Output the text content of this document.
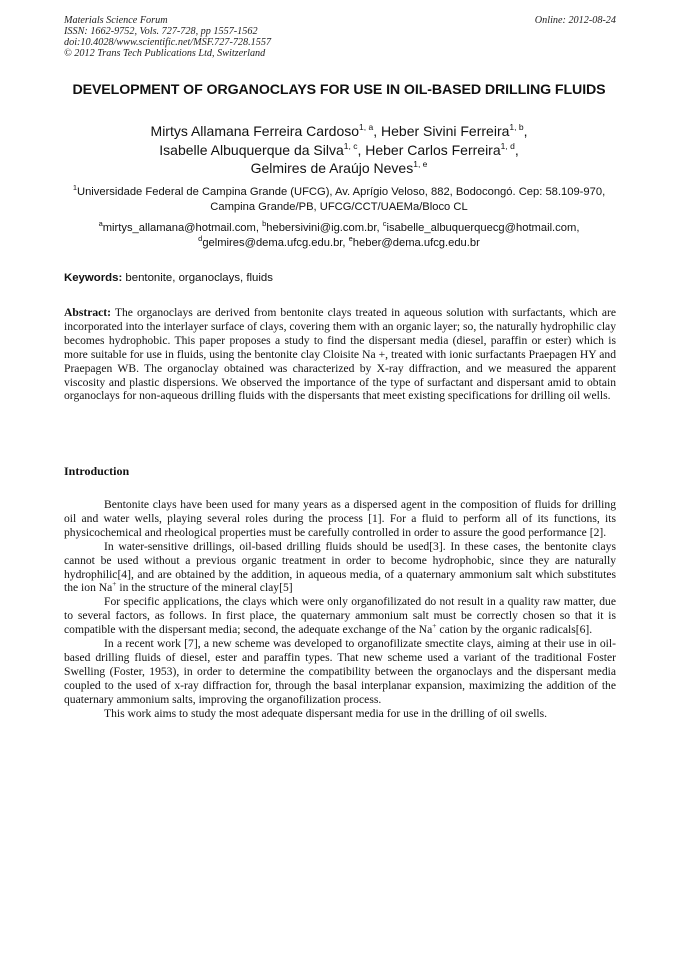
Materials Science Forum
ISSN: 1662-9752, Vols. 727-728, pp 1557-1562
doi:10.4028/www.scientific.net/MSF.727-728.1557
© 2012 Trans Tech Publications Ltd, Switzerland
Online: 2012-08-24
DEVELOPMENT OF ORGANOCLAYS FOR USE IN OIL-BASED DRILLING FLUIDS
Mirtys Allamana Ferreira Cardoso$^{1, a}$, Heber Sivini Ferreira$^{1, b}$,
Isabelle Albuquerque da Silva$^{1, c}$, Heber Carlos Ferreira$^{1, d}$,
Gelmires de Araújo Neves$^{1, e}$
$^1$Universidade Federal de Campina Grande (UFCG), Av. Aprígio Veloso, 882, Bodocongó. Cep: 58.109-970, Campina Grande/PB, UFCG/CCT/UAEMa/Bloco CL
$^a$mirtys_allamana@hotmail.com, $^b$hebersivini@ig.com.br, $^c$isabelle_albuquerquecg@hotmail.com,
$^d$gelmires@dema.ufcg.edu.br, $^e$heber@dema.ufcg.edu.br
Keywords: bentonite, organoclays, fluids
Abstract: The organoclays are derived from bentonite clays treated in aqueous solution with surfactants, which are incorporated into the interlayer surface of clays, covering them with an organic layer; so, the naturally hydrophilic clay becomes hydrophobic. This paper proposes a study to find the dispersant media (diesel, paraffin or ester) which is more suitable for use in fluids, using the bentonite clay Cloisite Na +, treated with ionic surfactants Praepagen HY and Praepagen WB. The organoclay obtained was characterized by X-ray diffraction, and we measured the apparent viscosity and plastic dispersions. We observed the importance of the type of surfactant and dispersant amid to obtain organoclays for non-aqueous drilling fluids with the dispersants that meet existing specifications for drilling oil wells.
Introduction

Bentonite clays have been used for many years as a dispersed agent in the composition of fluids for drilling oil and water wells, playing several roles during the process [1]. For a fluid to perform all of its functions, its physicochemical and rheological properties must be carefully controlled in order to assure the good performance [2].

In water-sensitive drillings, oil-based drilling fluids should be used[3]. In these cases, the bentonite clays cannot be used without a previous organic treatment in order to become hydrophobic, since they are naturally hydrophilic[4], and are obtained by the addition, in aqueous media, of a quaternary ammonium salt which substitutes the ion Na+ in the structure of the mineral clay[5]

For specific applications, the clays which were only organofilizated do not result in a quality raw matter, due to several factors, as follows. In first place, the quaternary ammonium salt must be correctly chosen so that it is compatible with the dispersant media; second, the adequate exchange of the Na+ cation by the organic radicals[6].

In a recent work [7], a new scheme was developed to organofilizate smectite clays, aiming at their use in oil-based drilling fluids of diesel, ester and paraffin types. That new scheme used a variant of the traditional Foster Swelling (Foster, 1953), in order to determine the compatibility between the organoclays and the dispersant media coupled to the used of x-ray diffraction for, through the basal interplanar expansion, maximizing the addition of the quaternary ammonium salts, improving the organofilization process.

This work aims to study the most adequate dispersant media for use in the drilling of oil swells.
